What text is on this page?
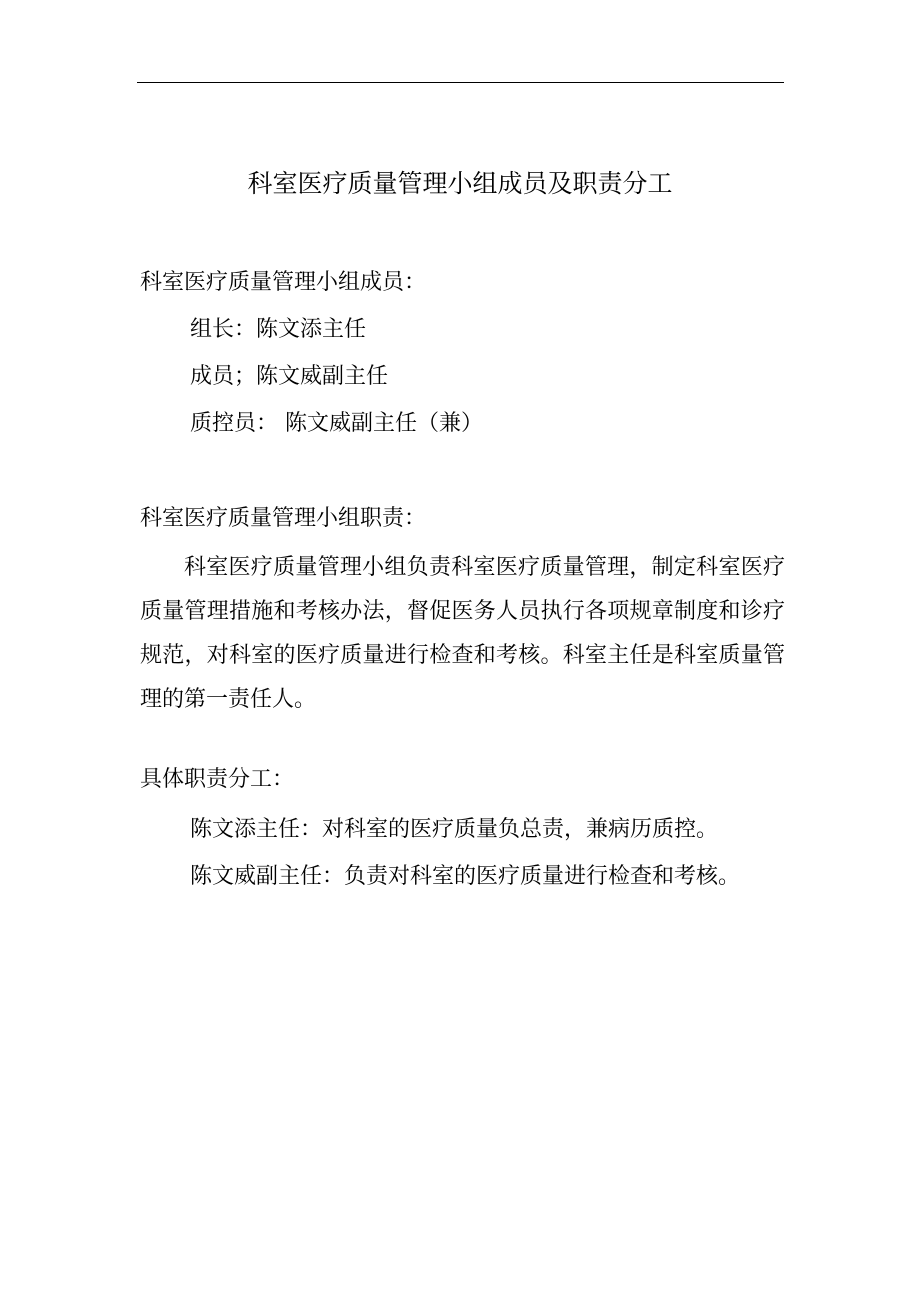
科室医疗质量管理小组成员及职责分工
科室医疗质量管理小组成员：
组长：陈文添主任
成员；陈文威副主任
质控员： 陈文威副主任（兼）
科室医疗质量管理小组职责：
科室医疗质量管理小组负责科室医疗质量管理，制定科室医疗质量管理措施和考核办法，督促医务人员执行各项规章制度和诊疗规范，对科室的医疗质量进行检查和考核。科室主任是科室质量管理的第一责任人。
具体职责分工：
陈文添主任：对科室的医疗质量负总责，兼病历质控。
陈文威副主任：负责对科室的医疗质量进行检查和考核。
